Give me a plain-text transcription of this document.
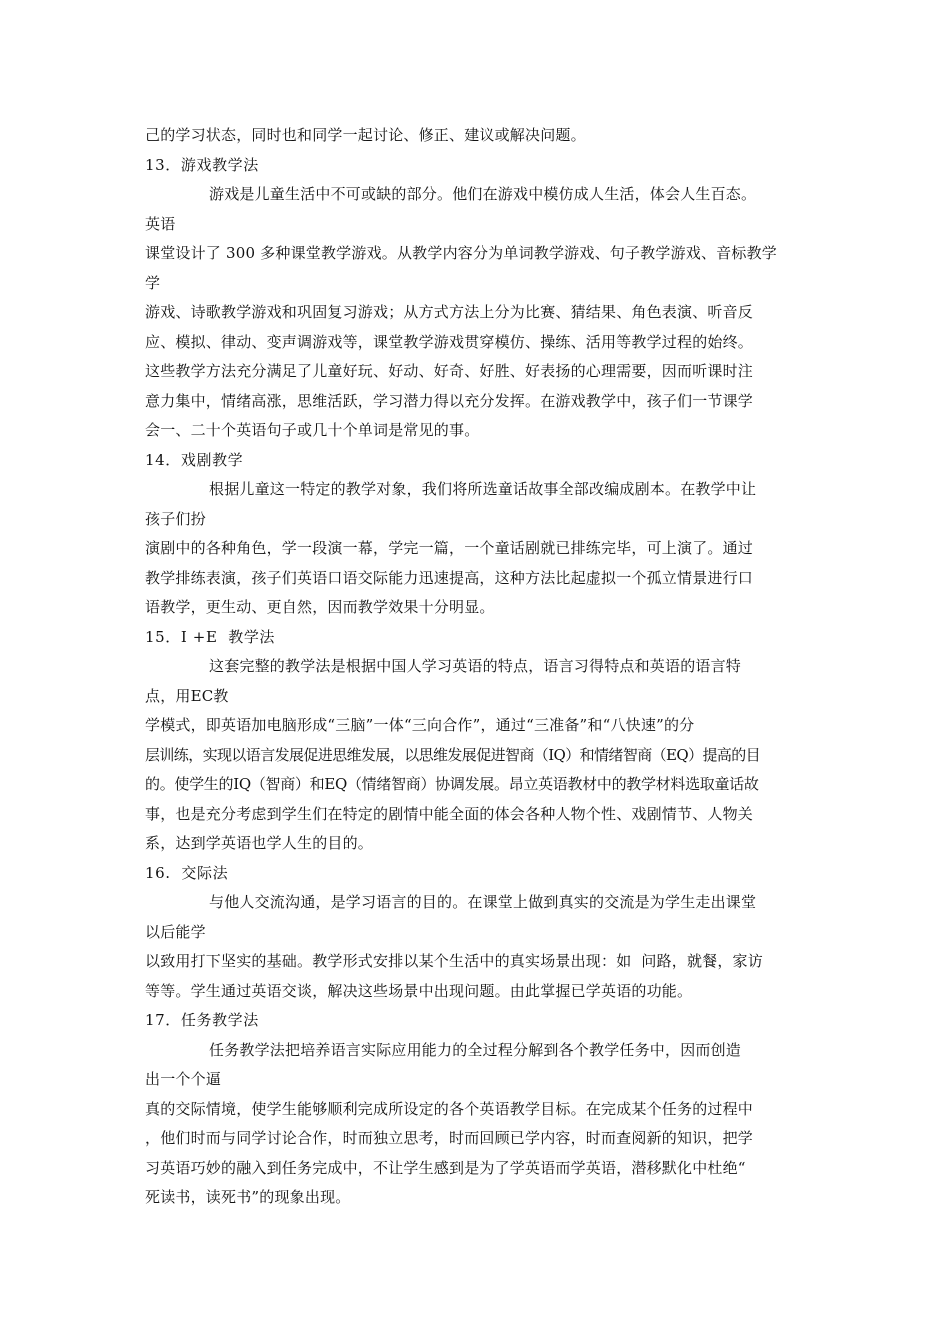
己的学习状态，同时也和同学一起讨论、修正、建议或解决问题。
13．游戏教学法
游戏是儿童生活中不可或缺的部分。他们在游戏中模仿成人生活，体会人生百态。
英语
课堂设计了 300 多种课堂教学游戏。从教学内容分为单词教学游戏、句子教学游戏、音标教学
学
游戏、诗歌教学游戏和巩固复习游戏；从方式方法上分为比赛、猜结果、角色表演、听音反
应、模拟、律动、变声调游戏等，课堂教学游戏贯穿模仿、操练、活用等教学过程的始终。
这些教学方法充分满足了儿童好玩、好动、好奇、好胜、好表扬的心理需要，因而听课时注
意力集中，情绪高涨，思维活跃，学习潜力得以充分发挥。在游戏教学中，孩子们一节课学
会一、二十个英语句子或几十个单词是常见的事。
14．戏剧教学
根据儿童这一特定的教学对象，我们将所选童话故事全部改编成剧本。在教学中让
孩子们扮
演剧中的各种角色，学一段演一幕，学完一篇，一个童话剧就已排练完毕，可上演了。通过
教学排练表演，孩子们英语口语交际能力迅速提高，这种方法比起虚拟一个孤立情景进行口
语教学，更生动、更自然，因而教学效果十分明显。
15．I +E  教学法
这套完整的教学法是根据中国人学习英语的特点，语言习得特点和英语的语言特
点，用EC教
学模式，即英语加电脑形成“三脑”一体“三向合作”，通过“三准备”和“八快速”的分
层训练，实现以语言发展促进思维发展，以思维发展促进智商（IQ）和情绪智商（EQ）提高的目
的。使学生的IQ（智商）和EQ（情绪智商）协调发展。昂立英语教材中的教学材料选取童话故
事，也是充分考虑到学生们在特定的剧情中能全面的体会各种人物个性、戏剧情节、人物关
系，达到学英语也学人生的目的。
16.  交际法
与他人交流沟通，是学习语言的目的。在课堂上做到真实的交流是为学生走出课堂
以后能学
以致用打下坚实的基础。教学形式安排以某个生活中的真实场景出现：如  问路，就餐，家访
等等。学生通过英语交谈，解决这些场景中出现问题。由此掌握已学英语的功能。
17．任务教学法
任务教学法把培养语言实际应用能力的全过程分解到各个教学任务中，因而创造
出一个个逼
真的交际情境，使学生能够顺利完成所设定的各个英语教学目标。在完成某个任务的过程中
，他们时而与同学讨论合作，时而独立思考，时而回顾已学内容，时而查阅新的知识，把学
习英语巧妙的融入到任务完成中，不让学生感到是为了学英语而学英语，潜移默化中杜绝“
死读书，读死书”的现象出现。
